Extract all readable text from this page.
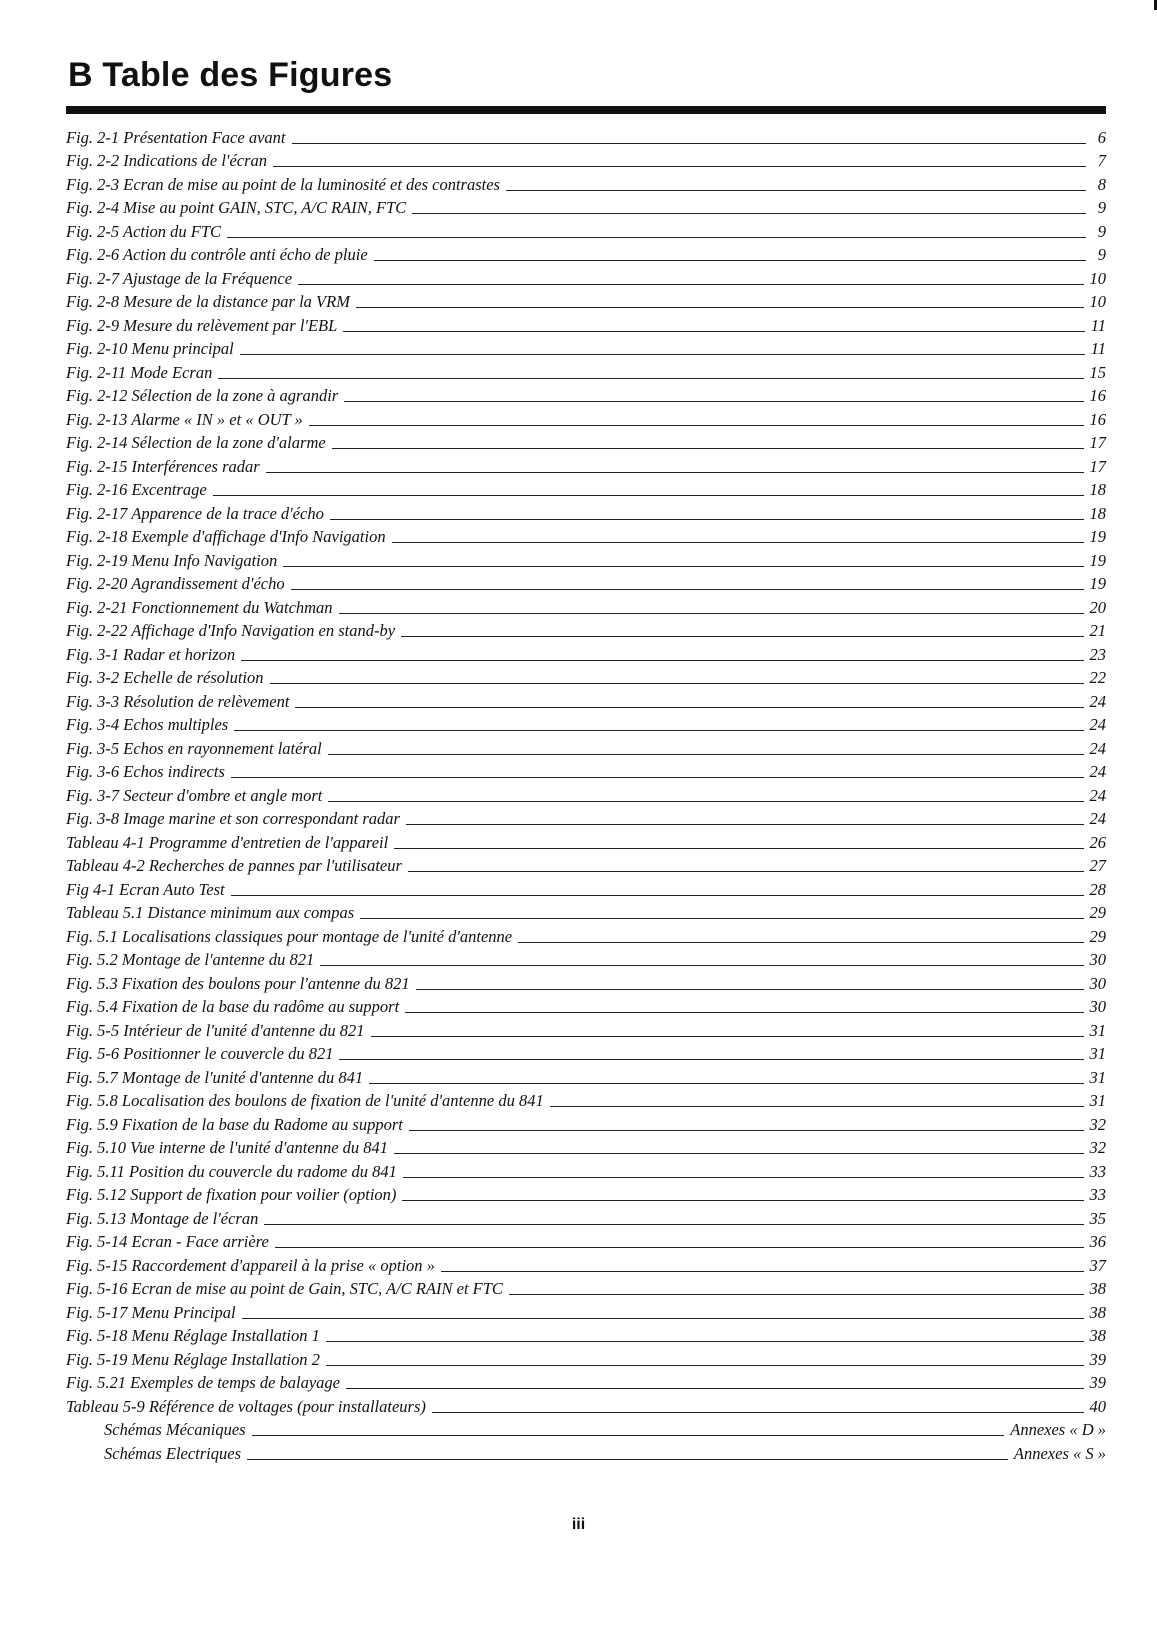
B Table des Figures
Fig. 2-1 Présentation Face avant	6
Fig. 2-2 Indications de l'écran	7
Fig. 2-3 Ecran de mise au point de la luminosité et des contrastes	8
Fig. 2-4 Mise au point GAIN, STC, A/C RAIN, FTC	9
Fig. 2-5 Action du FTC	9
Fig. 2-6 Action du contrôle anti écho de pluie	9
Fig. 2-7 Ajustage de la Fréquence	10
Fig. 2-8 Mesure de la distance par la VRM	10
Fig. 2-9 Mesure du relèvement par l'EBL	11
Fig. 2-10 Menu principal	11
Fig. 2-11 Mode Ecran	15
Fig. 2-12 Sélection de la zone à agrandir	16
Fig. 2-13 Alarme « IN » et « OUT »	16
Fig. 2-14 Sélection de la zone d'alarme	17
Fig. 2-15 Interférences radar	17
Fig. 2-16 Excentrage	18
Fig. 2-17 Apparence de la trace d'écho	18
Fig. 2-18 Exemple d'affichage d'Info Navigation	19
Fig. 2-19 Menu Info Navigation	19
Fig. 2-20 Agrandissement d'écho	19
Fig. 2-21 Fonctionnement du Watchman	20
Fig. 2-22 Affichage d'Info Navigation en stand-by	21
Fig. 3-1 Radar et horizon	23
Fig. 3-2 Echelle de résolution	22
Fig. 3-3 Résolution de relèvement	24
Fig. 3-4 Echos multiples	24
Fig. 3-5 Echos en rayonnement latéral	24
Fig. 3-6 Echos indirects	24
Fig. 3-7 Secteur d'ombre et angle mort	24
Fig. 3-8 Image marine et son correspondant radar	24
Tableau 4-1 Programme d'entretien de l'appareil	26
Tableau 4-2 Recherches de pannes par l'utilisateur	27
Fig 4-1 Ecran Auto Test	28
Tableau 5.1 Distance minimum aux compas	29
Fig. 5.1 Localisations classiques pour montage de l'unité d'antenne	29
Fig. 5.2 Montage de l'antenne du 821	30
Fig. 5.3 Fixation des boulons pour l'antenne du 821	30
Fig. 5.4 Fixation de la base du radôme au support	30
Fig. 5-5 Intérieur de l'unité d'antenne du 821	31
Fig. 5-6 Positionner le couvercle du 821	31
Fig. 5.7 Montage de l'unité d'antenne du 841	31
Fig. 5.8 Localisation des boulons de fixation de l'unité d'antenne du 841	31
Fig. 5.9 Fixation de la base du Radome au support	32
Fig. 5.10 Vue interne de l'unité d'antenne du 841	32
Fig. 5.11 Position du couvercle du radome du 841	33
Fig. 5.12 Support de fixation pour voilier (option)	33
Fig. 5.13 Montage de l'écran	35
Fig. 5-14 Ecran - Face arrière	36
Fig. 5-15 Raccordement d'appareil à la prise « option »	37
Fig. 5-16 Ecran de mise au point de Gain, STC, A/C RAIN et FTC	38
Fig. 5-17 Menu Principal	38
Fig. 5-18 Menu Réglage Installation 1	38
Fig. 5-19 Menu Réglage Installation 2	39
Fig. 5.21 Exemples de temps de balayage	39
Tableau 5-9 Référence de voltages (pour installateurs)	40
Schémas Mécaniques	Annexes « D »
Schémas Electriques	Annexes « S »
iii
